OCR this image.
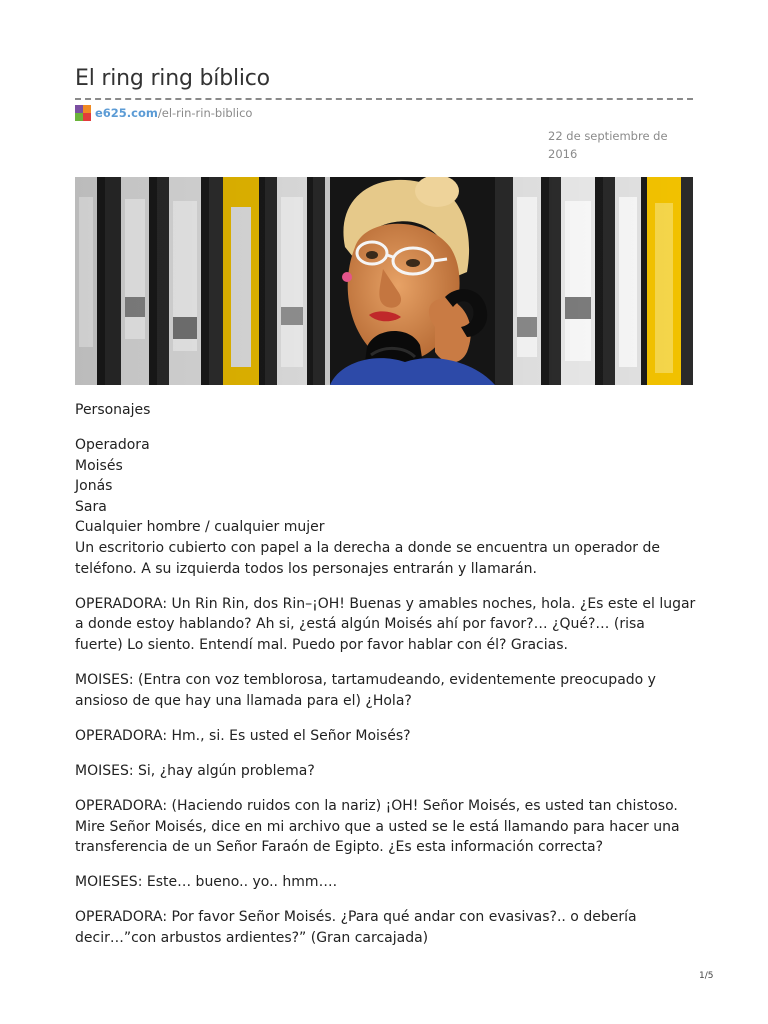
El ring ring bíblico
e625.com /el-rin-rin-biblico
22 de septiembre de
2016

Personajes

Operadora
Moisés
Jonás
Sara
Cualquier hombre / cualquier mujer

Un escritorio cubierto con papel a la derecha a donde se encuentra un operador de teléfono. A su izquierda todos los personajes entrarán y llamarán.

OPERADORA: Un Rin Rin, dos Rin–¡OH! Buenas y amables noches, hola. ¿Es este el lugar a donde estoy hablando? Ah si, ¿está algún Moisés ahí por favor?… ¿Qué?… (risa fuerte) Lo siento. Entendí mal. Puedo por favor hablar con él? Gracias.

MOISES: (Entra con voz temblorosa, tartamudeando, evidentemente preocupado y ansioso de que hay una llamada para el) ¿Hola?

OPERADORA: Hm., si. Es usted el Señor Moisés?

MOISES: Si, ¿hay algún problema?

OPERADORA: (Haciendo ruidos con la nariz) ¡OH! Señor Moisés, es usted tan chistoso. Mire Señor Moisés, dice en mi archivo que a usted se le está llamando para hacer una transferencia de un Señor Faraón de Egipto. ¿Es esta información correcta?

MOIESES: Este… bueno.. yo.. hmm….

OPERADORA: Por favor Señor Moisés. ¿Para qué andar con evasivas?.. o debería decir…”con arbustos ardientes?” (Gran carcajada)

1/5
